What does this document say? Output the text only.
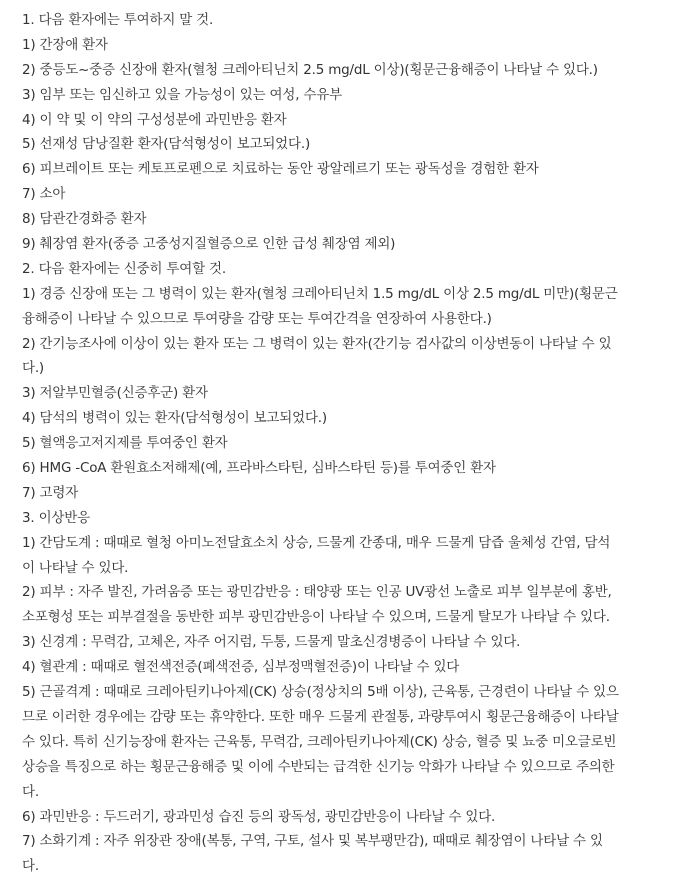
1. 다음 환자에는 투여하지 말 것.
1) 간장애 환자
2) 중등도~중증 신장애 환자(혈청 크레아티닌치 2.5 mg/dL 이상)(횡문근융해증이 나타날 수 있다.)
3) 임부 또는 임신하고 있을 가능성이 있는 여성, 수유부
4) 이 약 및 이 약의 구성성분에 과민반응 환자
5) 선재성 담낭질환 환자(담석형성이 보고되었다.)
6) 피브레이트 또는 케토프로펜으로 치료하는 동안 광알레르기 또는 광독성을 경험한 환자
7) 소아
8) 담관간경화증 환자
9) 췌장염 환자(중증 고중성지질혈증으로 인한 급성 췌장염 제외)
2. 다음 환자에는 신중히 투여할 것.
1) 경증 신장애 또는 그 병력이 있는 환자(혈청 크레아티닌치 1.5 mg/dL 이상 2.5 mg/dL 미만)(횡문근
융해증이 나타날 수 있으므로 투여량을 감량 또는 투여간격을 연장하여 사용한다.)
2) 간기능조사에 이상이 있는 환자 또는 그 병력이 있는 환자(간기능 검사값의 이상변동이 나타날 수 있
다.)
3) 저알부민혈증(신증후군) 환자
4) 담석의 병력이 있는 환자(담석형성이 보고되었다.)
5) 혈액응고저지제를 투여중인 환자
6) HMG -CoA 환원효소저해제(예, 프라바스타틴, 심바스타틴 등)를 투여중인 환자
7) 고령자
3. 이상반응
1) 간담도계 : 때때로 혈청 아미노전달효소치 상승, 드물게 간종대, 매우 드물게 담즙 울체성 간염, 담석
이 나타날 수 있다.
2) 피부 : 자주 발진, 가려움증 또는 광민감반응 : 태양광 또는 인공 UV광선 노출로 피부 일부분에 홍반,
소포형성 또는 피부결절을 동반한 피부 광민감반응이 나타날 수 있으며, 드물게 탈모가 나타날 수 있다.
3) 신경계 : 무력감, 고체온, 자주 어지럼, 두통, 드물게 말초신경병증이 나타날 수 있다.
4) 혈관계 : 때때로 혈전색전증(폐색전증, 심부정맥혈전증)이 나타날 수 있다
5) 근골격계 : 때때로 크레아틴키나아제(CK) 상승(정상치의 5배 이상), 근육통, 근경련이 나타날 수 있으
므로 이러한 경우에는 감량 또는 휴약한다. 또한 매우 드물게 관절통, 과량투여시 횡문근융해증이 나타날
수 있다. 특히 신기능장애 환자는 근육통, 무력감, 크레아틴키나아제(CK) 상승, 혈증 및 뇨중 미오글로빈
상승을 특징으로 하는 횡문근융해증 및 이에 수반되는 급격한 신기능 악화가 나타날 수 있으므로 주의한
다.
6) 과민반응 : 두드러기, 광과민성 습진 등의 광독성, 광민감반응이 나타날 수 있다.
7) 소화기계 : 자주 위장관 장애(복통, 구역, 구토, 설사 및 복부팽만감), 때때로 췌장염이 나타날 수 있
다.
